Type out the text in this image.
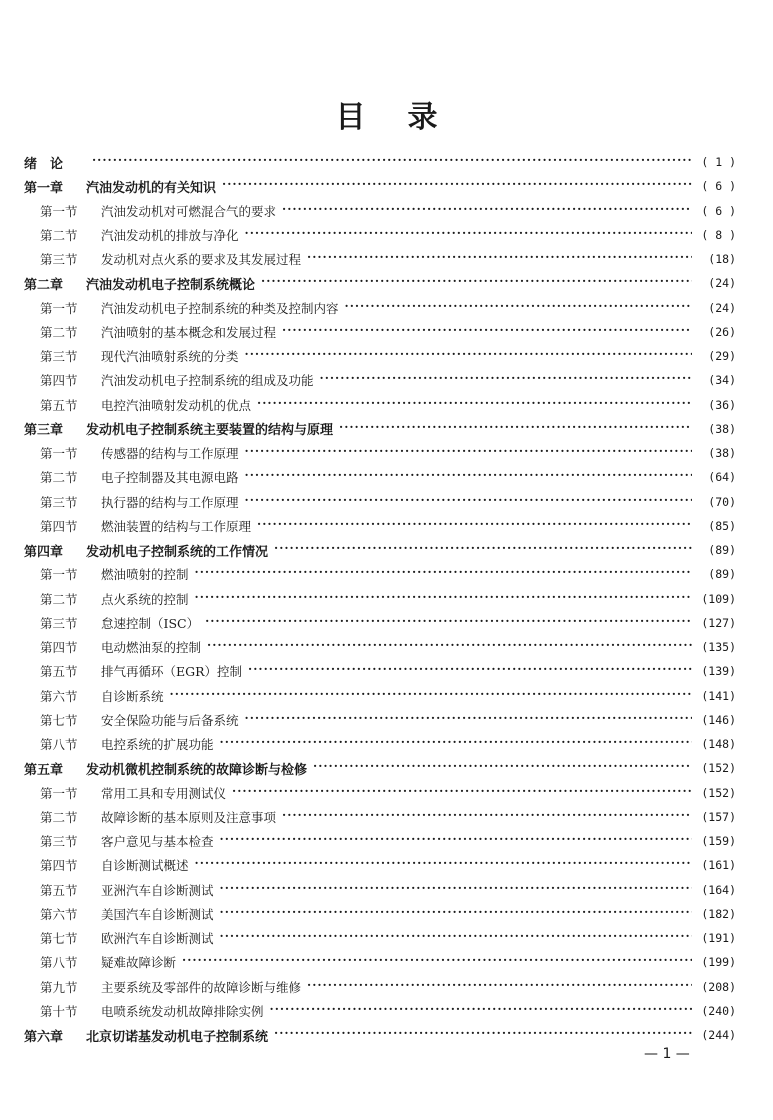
目 录
绪　论 ·····	( 1 )
第一章	汽油发动机的有关知识 ·····	( 6 )
第一节	汽油发动机对可燃混合气的要求 ·····	( 6 )
第二节	汽油发动机的排放与净化 ·····	( 8 )
第三节	发动机对点火系的要求及其发展过程 ·····	(18)
第二章	汽油发动机电子控制系统概论 ·····	(24)
第一节	汽油发动机电子控制系统的种类及控制内容 ·····	(24)
第二节	汽油喷射的基本概念和发展过程 ·····	(26)
第三节	现代汽油喷射系统的分类 ·····	(29)
第四节	汽油发动机电子控制系统的组成及功能 ·····	(34)
第五节	电控汽油喷射发动机的优点 ·····	(36)
第三章	发动机电子控制系统主要装置的结构与原理 ·····	(38)
第一节	传感器的结构与工作原理 ·····	(38)
第二节	电子控制器及其电源电路 ·····	(64)
第三节	执行器的结构与工作原理 ·····	(70)
第四节	燃油装置的结构与工作原理 ·····	(85)
第四章	发动机电子控制系统的工作情况 ·····	(89)
第一节	燃油喷射的控制 ·····	(89)
第二节	点火系统的控制 ·····	(109)
第三节	怠速控制（ISC） ·····	(127)
第四节	电动燃油泵的控制 ·····	(135)
第五节	排气再循环（EGR）控制 ·····	(139)
第六节	自诊断系统 ·····	(141)
第七节	安全保险功能与后备系统 ·····	(146)
第八节	电控系统的扩展功能 ·····	(148)
第五章	发动机微机控制系统的故障诊断与检修 ·····	(152)
第一节	常用工具和专用测试仪 ·····	(152)
第二节	故障诊断的基本原则及注意事项 ·····	(157)
第三节	客户意见与基本检查 ·····	(159)
第四节	自诊断测试概述 ·····	(161)
第五节	亚洲汽车自诊断测试 ·····	(164)
第六节	美国汽车自诊断测试 ·····	(182)
第七节	欧洲汽车自诊断测试 ·····	(191)
第八节	疑难故障诊断 ·····	(199)
第九节	主要系统及零部件的故障诊断与维修 ·····	(208)
第十节	电喷系统发动机故障排除实例 ·····	(240)
第六章	北京切诺基发动机电子控制系统 ·····	(244)
— 1 —
